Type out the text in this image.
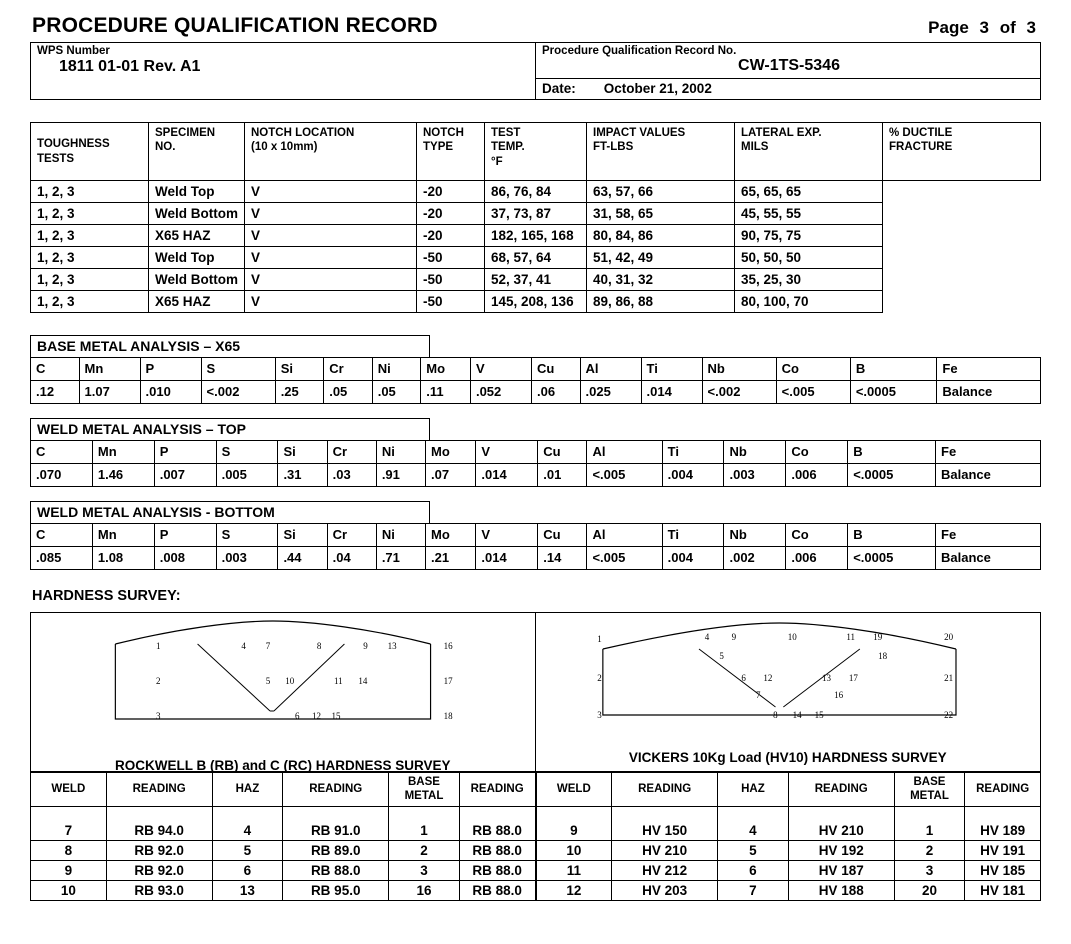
PROCEDURE QUALIFICATION RECORD	Page 3 of 3
WPS Number
1811 01-01 Rev. A1

Procedure Qualification Record No.
CW-1TS-5346

Date: October 21, 2002
TOUGHNESS
TESTS

SPECIMEN
NO.

NOTCH LOCATION
(10 x 10mm)

NOTCH
TYPE

TEST
TEMP.
°F

IMPACT VALUES
FT-LBS

LATERAL EXP.
MILS

% DUCTILE
FRACTURE

1, 2, 3	Weld Top	V	-20	86, 76, 84	63, 57, 66	65, 65, 65	
1, 2, 3	Weld Bottom	V	-20	37, 73, 87	31, 58, 65	45, 55, 55	
1, 2, 3	X65 HAZ	V	-20	182, 165, 168	80, 84, 86	90, 75, 75	
1, 2, 3	Weld Top	V	-50	68, 57, 64	51, 42, 49	50, 50, 50	
1, 2, 3	Weld Bottom	V	-50	52, 37, 41	40, 31, 32	35, 25, 30	
1, 2, 3	X65 HAZ	V	-50	145, 208, 136	89, 86, 88	80, 100, 70	
BASE METAL ANALYSIS – X65
C	Mn	P	S	Si	Cr	Ni	Mo	V	Cu	Al	Ti	Nb	Co	B	Fe
.12	1.07	.010	<.002	.25	.05	.05	.11	.052	.06	.025	.014	<.002	<.005	<.0005	Balance
WELD METAL ANALYSIS – TOP
C	Mn	P	S	Si	Cr	Ni	Mo	V	Cu	Al	Ti	Nb	Co	B	Fe
.070	1.46	.007	.005	.31	.03	.91	.07	.014	.01	<.005	.004	.003	.006	<.0005	Balance
WELD METAL ANALYSIS - BOTTOM
C	Mn	P	S	Si	Cr	Ni	Mo	V	Cu	Al	Ti	Nb	Co	B	Fe
.085	1.08	.008	.003	.44	.04	.71	.21	.014	.14	<.005	.004	.002	.006	<.0005	Balance
HARDNESS SURVEY:
1	4 7	8	9 13	16
2	5 10	11 14	17
3	6 12 15	18
ROCKWELL B (RB) and C (RC) HARDNESS SURVEY
1	4 9	10	11 19	20
5	18
2	6 12	13 17	21
7	16
3	8 14 15	22
VICKERS 10Kg Load (HV10) HARDNESS SURVEY
WELD	READING	HAZ	READING	BASE
METAL	READING
7	RB 94.0	4	RB 91.0	1	RB 88.0
8	RB 92.0	5	RB 89.0	2	RB 88.0
9	RB 92.0	6	RB 88.0	3	RB 88.0
10	RB 93.0	13	RB 95.0	16	RB 88.0
WELD	READING	HAZ	READING	BASE
METAL	READING
9	HV 150	4	HV 210	1	HV 189
10	HV 210	5	HV 192	2	HV 191
11	HV 212	6	HV 187	3	HV 185
12	HV 203	7	HV 188	20	HV 181
